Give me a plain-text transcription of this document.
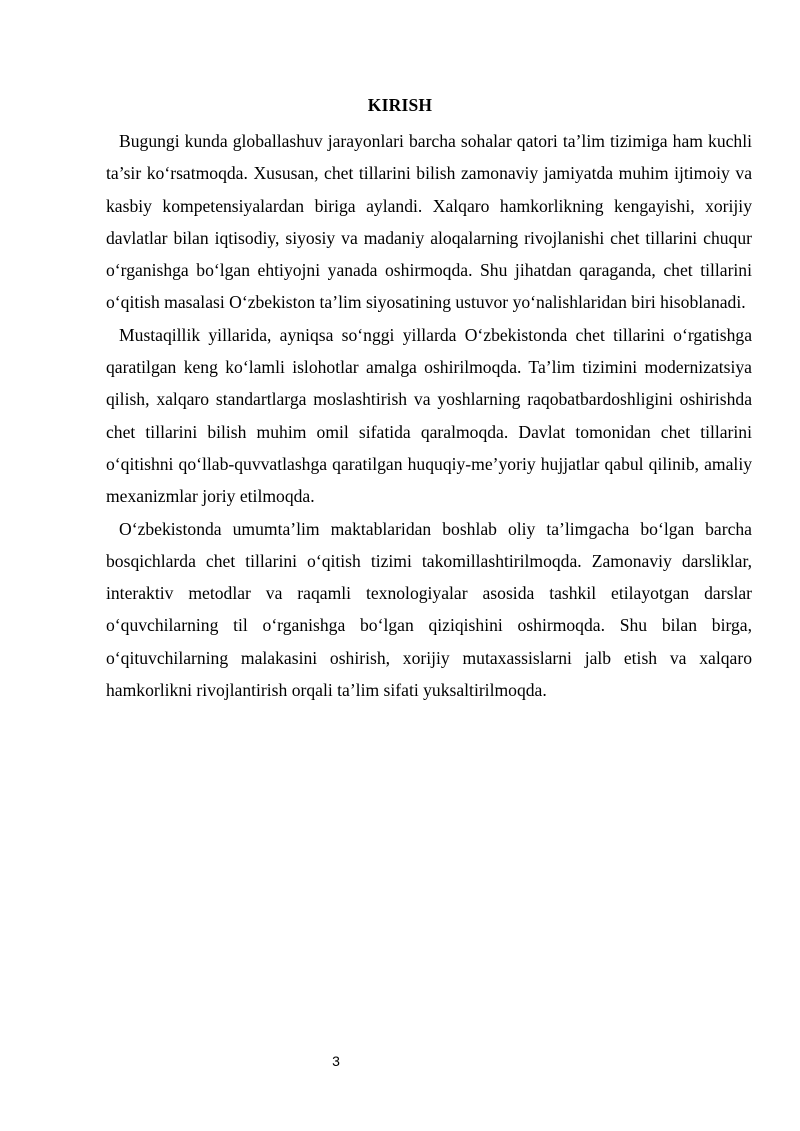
KIRISH

Bugungi kunda globallashuv jarayonlari barcha sohalar qatori ta’lim tizimiga ham kuchli ta’sir ko‘rsatmoqda. Xususan, chet tillarini bilish zamonaviy jamiyatda muhim ijtimoiy va kasbiy kompetensiyalardan biriga aylandi. Xalqaro hamkorlikning kengayishi, xorijiy davlatlar bilan iqtisodiy, siyosiy va madaniy aloqalarning rivojlanishi chet tillarini chuqur o‘rganishga bo‘lgan ehtiyojni yanada oshirmoqda. Shu jihatdan qaraganda, chet tillarini o‘qitish masalasi O‘zbekiston ta’lim siyosatining ustuvor yo‘nalishlaridan biri hisoblanadi.

Mustaqillik yillarida, ayniqsa so‘nggi yillarda O‘zbekistonda chet tillarini o‘rgatishga qaratilgan keng ko‘lamli islohotlar amalga oshirilmoqda. Ta’lim tizimini modernizatsiya qilish, xalqaro standartlarga moslashtirish va yoshlarning raqobatbardoshligini oshirishda chet tillarini bilish muhim omil sifatida qaralmoqda. Davlat tomonidan chet tillarini o‘qitishni qo‘llab-quvvatlashga qaratilgan huquqiy-me’yoriy hujjatlar qabul qilinib, amaliy mexanizmlar joriy etilmoqda.

O‘zbekistonda umumta’lim maktablaridan boshlab oliy ta’limgacha bo‘lgan barcha bosqichlarda chet tillarini o‘qitish tizimi takomillashtirilmoqda. Zamonaviy darsliklar, interaktiv metodlar va raqamli texnologiyalar asosida tashkil etilayotgan darslar o‘quvchilarning til o‘rganishga bo‘lgan qiziqishini oshirmoqda. Shu bilan birga, o‘qituvchilarning malakasini oshirish, xorijiy mutaxassislarni jalb etish va xalqaro hamkorlikni rivojlantirish orqali ta’lim sifati yuksaltirilmoqda.

3
